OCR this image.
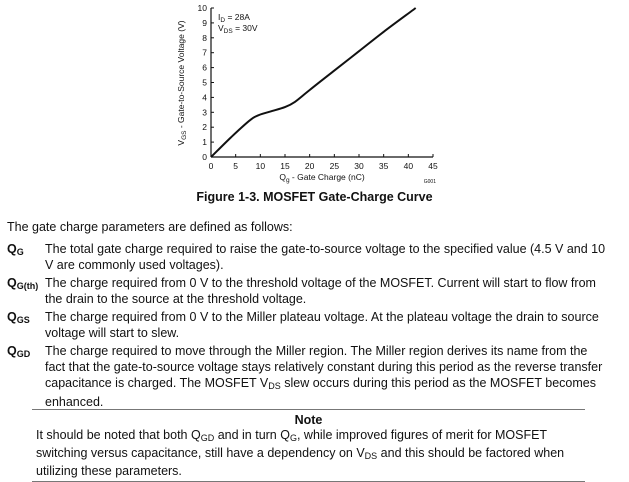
0
1
2
3
4
5
6
7
8
9
10
0 5 10 15 20 25 30 35 40 45
$I_D = 28A$
$V_{DS} = 30V$
$Q_g$ - Gate Charge (nC)
$V_{GS}$ - Gate-to-Source Voltage (V)
G001
Figure 1-3. MOSFET Gate-Charge Curve
The gate charge parameters are defined as follows:
$Q_G$	The total gate charge required to raise the gate-to-source voltage to the specified value (4.5 V and 10 V are commonly used voltages).
$Q_{G(th)}$ The charge required from 0 V to the threshold voltage of the MOSFET. Current will start to flow from the drain to the source at the threshold voltage.
$Q_{GS}$	The charge required from 0 V to the Miller plateau voltage. At the plateau voltage the drain to source voltage will start to slew.
$Q_{GD}$	The charge required to move through the Miller region. The Miller region derives its name from the fact that the gate-to-source voltage stays relatively constant during this period as the reverse transfer capacitance is charged. The MOSFET $V_{DS}$ slew occurs during this period as the MOSFET becomes enhanced.
Note
It should be noted that both $Q_{GD}$ and in turn $Q_G$, while improved figures of merit for MOSFET switching versus capacitance, still have a dependency on $V_{DS}$ and this should be factored when utilizing these parameters.
